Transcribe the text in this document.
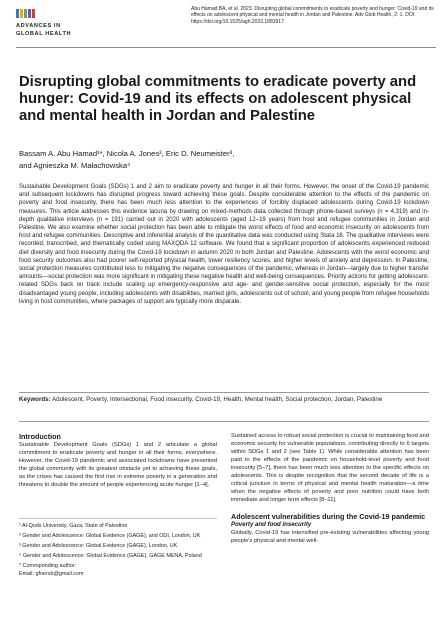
ADVANCES IN
GLOBAL HEALTH
Abu Hamad BA, et al. 2023. Disrupting global commitments to eradicate poverty and hunger: Covid-19 and its effects on adolescent physical and mental health in Jordan and Palestine. Adv Glob Health, 2: 1. DOI: https://doi.org/10.1525/agh.2023.1883917
Disrupting global commitments to eradicate poverty and hunger: Covid-19 and its effects on adolescent physical and mental health in Jordan and Palestine
Bassam A. Abu Hamad¹*, Nicola A. Jones², Eric D. Neumeister³,
and Agnieszka M. Małachowska⁴

Sustainable Development Goals (SDGs) 1 and 2 aim to eradicate poverty and hunger in all their forms. However, the onset of the Covid-19 pandemic and subsequent lockdowns has disrupted progress toward achieving these goals. Despite considerable attention to the effects of the pandemic on poverty and food insecurity, there has been much less attention to the experiences of forcibly displaced adolescents during Covid-19 lockdown measures. This article addresses this evidence lacuna by drawing on mixed-methods data collected through phone-based surveys (n = 4,319) and in-depth qualitative interviews (n = 191) carried out in 2020 with adolescents (aged 12–19 years) from host and refugee communities in Jordan and Palestine. We also examine whether social protection has been able to mitigate the worst effects of food and economic insecurity on adolescents from host and refugee communities. Descriptive and inferential analysis of the quantitative data was conducted using Stata 16. The qualitative interviews were recorded, transcribed, and thematically coded using MAXQDA 12 software. We found that a significant proportion of adolescents experienced reduced diet diversity and food insecurity during the Covid-19 lockdown in autumn 2020 in both Jordan and Palestine. Adolescents with the worst economic and food security outcomes also had poorer self-reported physical health, lower resiliency scores, and higher levels of anxiety and depression. In Palestine, social protection measures contributed less to mitigating the negative consequences of the pandemic, whereas in Jordan—largely due to higher transfer amounts—social protection was more significant in mitigating these negative health and well-being consequences. Priority actions for getting adolescent-related SDGs back on track include scaling up emergency-responsive and age- and gender-sensitive social protection, especially for the most disadvantaged young people, including adolescents with disabilities, married girls, adolescents out of school, and young people from refugee households living in host communities, where packages of support are typically more disparate.

Keywords: Adolescent, Poverty, Intersectional, Food insecurity, Covid-19, Health, Mental health, Social protection, Jordan, Palestine

Introduction

Sustainable Development Goals (SDGs) 1 and 2 articulate a global commitment to eradicate poverty and hunger in all their forms, everywhere. However, the Covid-19 pandemic and associated lockdowns have presented the global community with its greatest obstacle yet to achieving these goals, as the crises has caused the first rise in extreme poverty in a generation and threatens to double the amount of people experiencing acute hunger [1–4].

¹ Al-Quds University, Gaza, State of Palestine
² Gender and Adolescence: Global Evidence (GAGE), and ODI, London, UK
³ Gender and Adolescence: Global Evidence (GAGE), London, UK
⁴ Gender and Adolescence: Global Evidence (GAGE), GAGE MENA, Poland
* Corresponding author:
Email: gfoersb@gmail.com

Sustained access to robust social protection is crucial to maintaining food and economic security for vulnerable populations, contributing directly to 6 targets within SDGs 1 and 2 (see Table 1). While considerable attention has been paid to the effects of the pandemic on household-level poverty and food insecurity [5–7], there has been much less attention to the specific effects on adolescents. This is despite recognition that the second decade of life is a critical juncture in terms of physical and mental health maturation—a time when the negative effects of poverty and poor nutrition could have both immediate and longer term effects [8–11].

Adolescent vulnerabilities during the Covid-19 pandemic
Poverty and food insecurity

Globally, Covid-19 has intensified pre-existing vulnerabilities affecting young people's physical and mental well-
